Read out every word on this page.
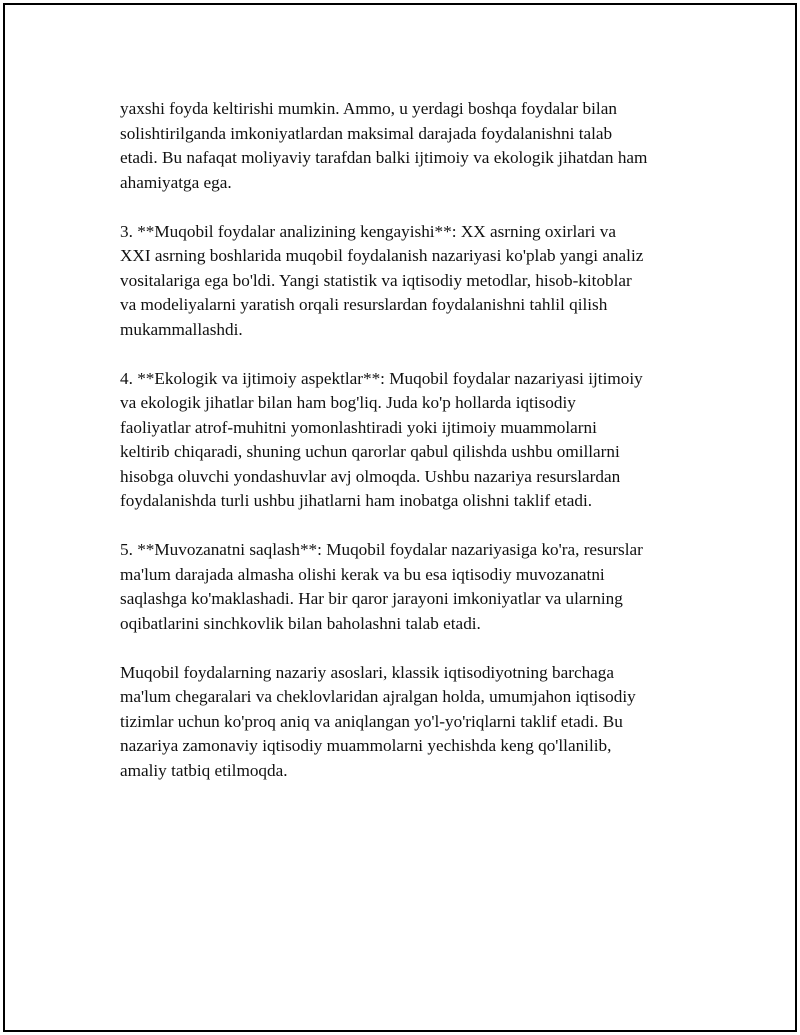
yaxshi foyda keltirishi mumkin. Ammo, u yerdagi boshqa foydalar bilan
solishtirilganda imkoniyatlardan maksimal darajada foydalanishni talab
etadi. Bu nafaqat moliyaviy tarafdan balki ijtimoiy va ekologik jihatdan ham
ahamiyatga ega.

3. **Muqobil foydalar analizining kengayishi**: XX asrning oxirlari va
XXI asrning boshlarida muqobil foydalanish nazariyasi ko'plab yangi analiz
vositalariga ega bo'ldi. Yangi statistik va iqtisodiy metodlar, hisob-kitoblar
va modeliyalarni yaratish orqali resurslardan foydalanishni tahlil qilish
mukammallashdi.

4. **Ekologik va ijtimoiy aspektlar**: Muqobil foydalar nazariyasi ijtimoiy
va ekologik jihatlar bilan ham bog'liq. Juda ko'p hollarda iqtisodiy
faoliyatlar atrof-muhitni yomonlashtiradi yoki ijtimoiy muammolarni
keltirib chiqaradi, shuning uchun qarorlar qabul qilishda ushbu omillarni
hisobga oluvchi yondashuvlar avj olmoqda. Ushbu nazariya resurslardan
foydalanishda turli ushbu jihatlarni ham inobatga olishni taklif etadi.

5. **Muvozanatni saqlash**: Muqobil foydalar nazariyasiga ko'ra, resurslar
ma'lum darajada almasha olishi kerak va bu esa iqtisodiy muvozanatni
saqlashga ko'maklashadi. Har bir qaror jarayoni imkoniyatlar va ularning
oqibatlarini sinchkovlik bilan baholashni talab etadi.

Muqobil foydalarning nazariy asoslari, klassik iqtisodiyotning barchaga
ma'lum chegaralari va cheklovlaridan ajralgan holda, umumjahon iqtisodiy
tizimlar uchun ko'proq aniq va aniqlangan yo'l-yo'riqlarni taklif etadi. Bu
nazariya zamonaviy iqtisodiy muammolarni yechishda keng qo'llanilib,
amaliy tatbiq etilmoqda.
